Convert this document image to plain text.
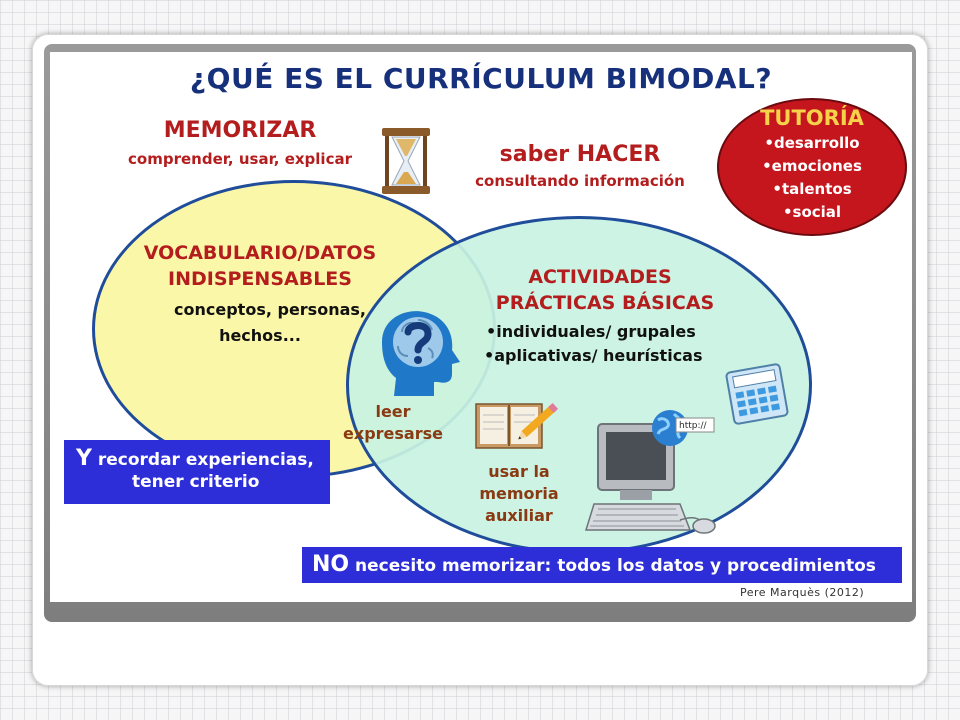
¿QUÉ ES EL CURRÍCULUM BIMODAL?
MEMORIZAR
comprender, usar, explicar	saber HACER
consultando información
TUTORÍA
•desarrollo
•emociones
•talentos
•social
VOCABULARIO/DATOS
INDISPENSABLES
conceptos, personas,
hechos...
ACTIVIDADES
PRÁCTICAS BÁSICAS
•individuales/ grupales
•aplicativas/ heurísticas
leer
expresarse
usar la
memoria
auxiliar
http://
Y recordar experiencias,
tener criterio
NO necesito memorizar: todos los datos y procedimientos
Pere Marquès (2012)
